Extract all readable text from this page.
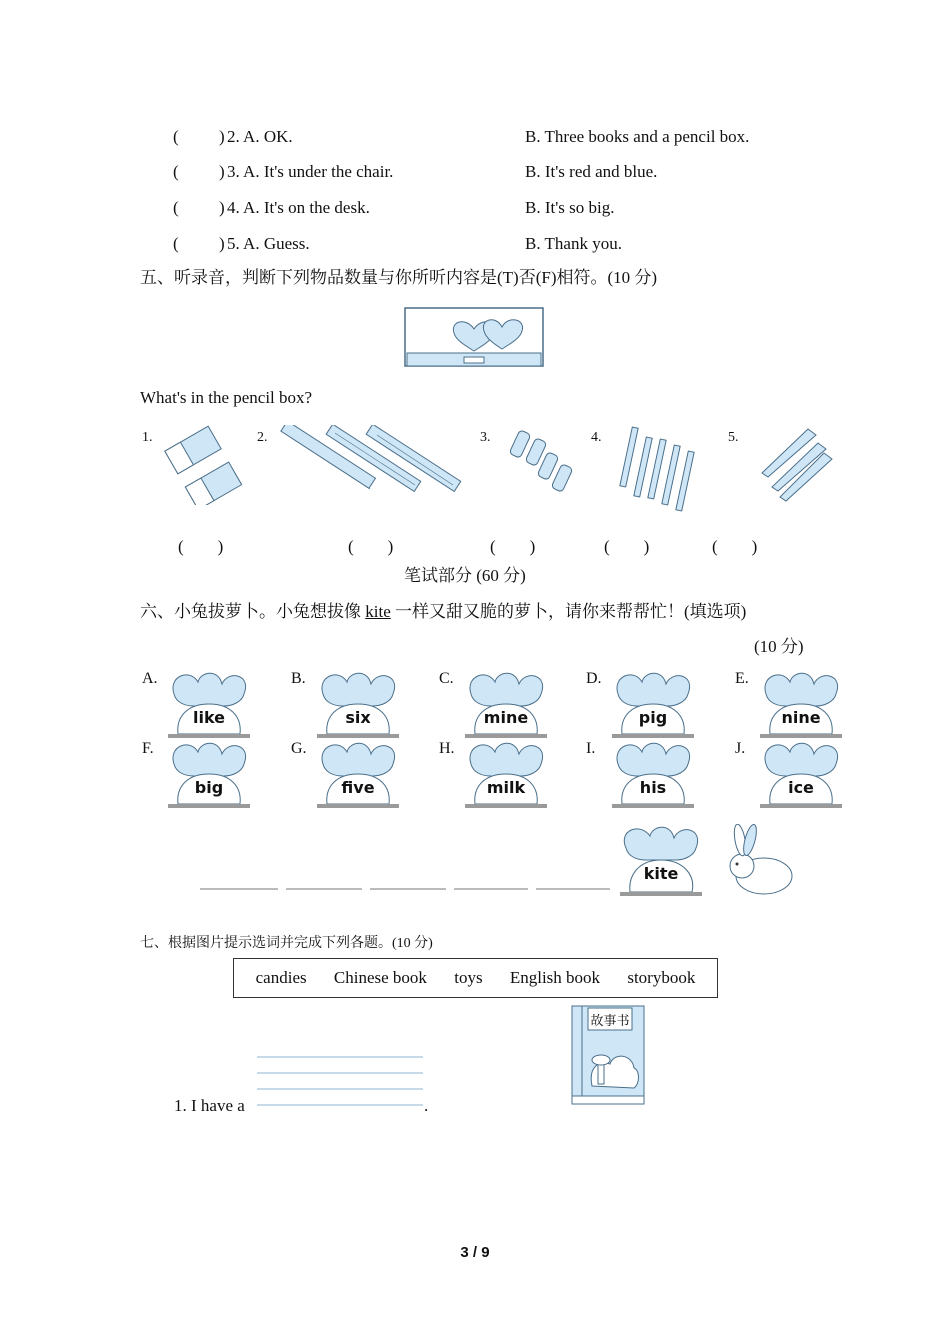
( ) 2. A. OK.	B. Three books and a pencil box.
( ) 3. A. It's under the chair.	B. It's red and blue.
( ) 4. A. It's on the desk.	B. It's so big.
( ) 5. A. Guess.	B. Thank you.
五、听录音，判断下列物品数量与你所听内容是(T)否(F)相符。(10 分)
What's in the pencil box?
1.	2.	3.	4.	5.
(　　)	(　　)	(　　)	(　　)	(　　)
笔试部分 (60 分)
六、小兔拔萝卜。小兔想拔像 kite 一样又甜又脆的萝卜，请你来帮帮忙！(填选项)
(10 分)
A.
like
B.
six
C.
mine
D.
pig
E.
nine
F.
big
G.
five
H.
milk
I.
his
J.
ice
kite
七、根据图片提示选词并完成下列各题。(10 分)
candies Chinese book toys English book storybook
故事书
1. I have a	.
3 / 9
